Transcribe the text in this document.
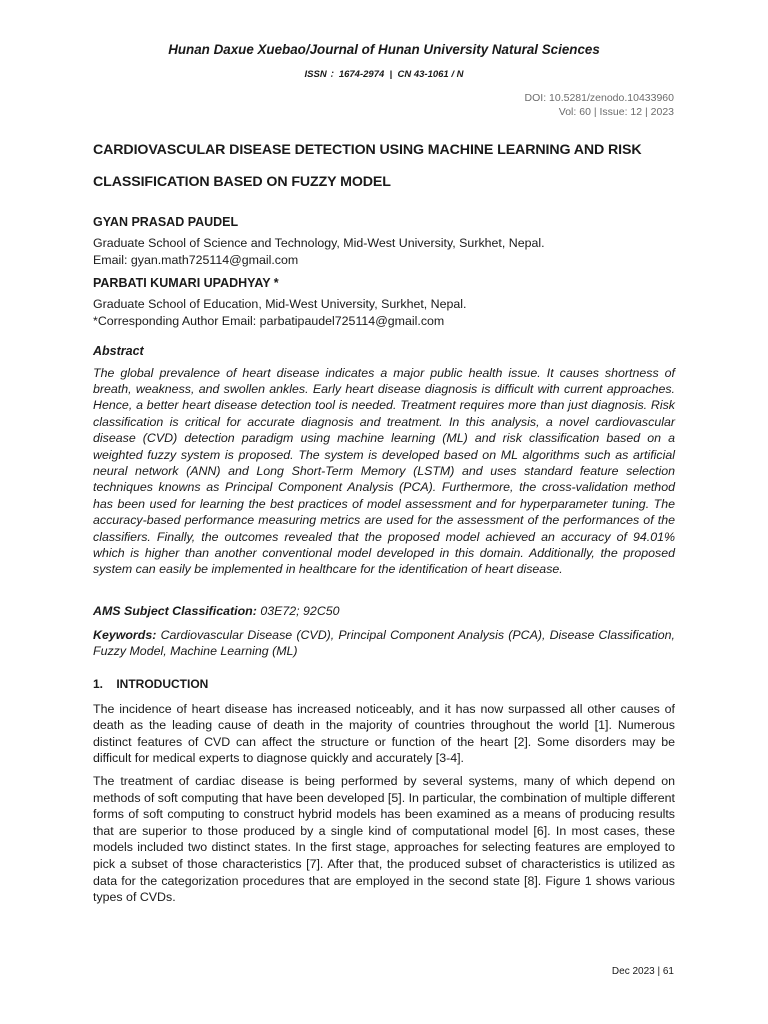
Hunan Daxue Xuebao/Journal of Hunan University Natural Sciences
ISSN ：1674-2974  |  CN 43-1061 / N
DOI: 10.5281/zenodo.10433960
Vol: 60 | Issue: 12 | 2023
CARDIOVASCULAR DISEASE DETECTION USING MACHINE LEARNING AND RISK
CLASSIFICATION BASED ON FUZZY MODEL
GYAN PRASAD PAUDEL
Graduate School of Science and Technology, Mid-West University, Surkhet, Nepal.
Email: gyan.math725114@gmail.com
PARBATI KUMARI UPADHYAY *
Graduate School of Education, Mid-West University, Surkhet, Nepal.
*Corresponding Author Email: parbatipaudel725114@gmail.com
Abstract
The global prevalence of heart disease indicates a major public health issue. It causes shortness of breath, weakness, and swollen ankles. Early heart disease diagnosis is difficult with current approaches. Hence, a better heart disease detection tool is needed. Treatment requires more than just diagnosis. Risk classification is critical for accurate diagnosis and treatment. In this analysis, a novel cardiovascular disease (CVD) detection paradigm using machine learning (ML) and risk classification based on a weighted fuzzy system is proposed. The system is developed based on ML algorithms such as artificial neural network (ANN) and Long Short-Term Memory (LSTM) and uses standard feature selection techniques knowns as Principal Component Analysis (PCA). Furthermore, the cross-validation method has been used for learning the best practices of model assessment and for hyperparameter tuning. The accuracy-based performance measuring metrics are used for the assessment of the performances of the classifiers. Finally, the outcomes revealed that the proposed model achieved an accuracy of 94.01% which is higher than another conventional model developed in this domain. Additionally, the proposed system can easily be implemented in healthcare for the identification of heart disease.
AMS Subject Classification: 03E72; 92C50
Keywords: Cardiovascular Disease (CVD), Principal Component Analysis (PCA), Disease Classification, Fuzzy Model, Machine Learning (ML)
1.    INTRODUCTION
The incidence of heart disease has increased noticeably, and it has now surpassed all other causes of death as the leading cause of death in the majority of countries throughout the world [1]. Numerous distinct features of CVD can affect the structure or function of the heart [2]. Some disorders may be difficult for medical experts to diagnose quickly and accurately [3-4].
The treatment of cardiac disease is being performed by several systems, many of which depend on methods of soft computing that have been developed [5]. In particular, the combination of multiple different forms of soft computing to construct hybrid models has been examined as a means of producing results that are superior to those produced by a single kind of computational model [6]. In most cases, these models included two distinct states. In the first stage, approaches for selecting features are employed to pick a subset of those characteristics [7]. After that, the produced subset of characteristics is utilized as data for the categorization procedures that are employed in the second state [8]. Figure 1 shows various types of CVDs.
Dec 2023 | 61
